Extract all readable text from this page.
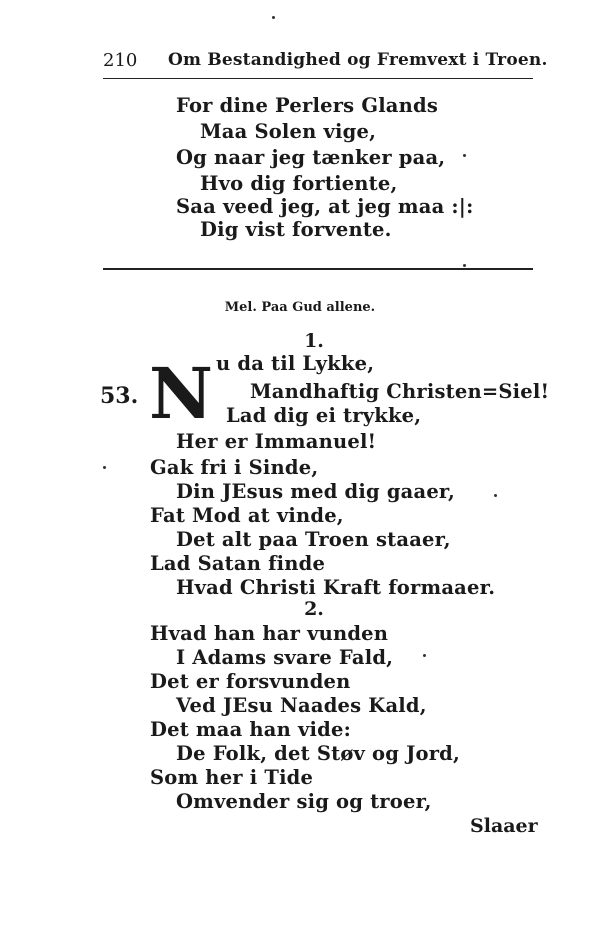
210 Om Bestandighed og Fremvext i Troen.
For dine Perlers Glands
Maa Solen vige,
Og naar jeg tænker paa,
Hvo dig fortiente,
Saa veed jeg, at jeg maa :|:
Dig vist forvente.
Mel. Paa Gud allene.
1.
53. N u da til Lykke,
Mandhaftig Christen=Siel!
Lad dig ei trykke,
Her er Immanuel!
Gak fri i Sinde,
Din JEsus med dig gaaer,
Fat Mod at vinde,
Det alt paa Troen staaer,
Lad Satan finde
Hvad Christi Kraft formaaer.
2.
Hvad han har vunden
I Adams svare Fald,
Det er forsvunden
Ved JEsu Naades Kald,
Det maa han vide:
De Folk, det Støv og Jord,
Som her i Tide
Omvender sig og troer,
Slaaer
